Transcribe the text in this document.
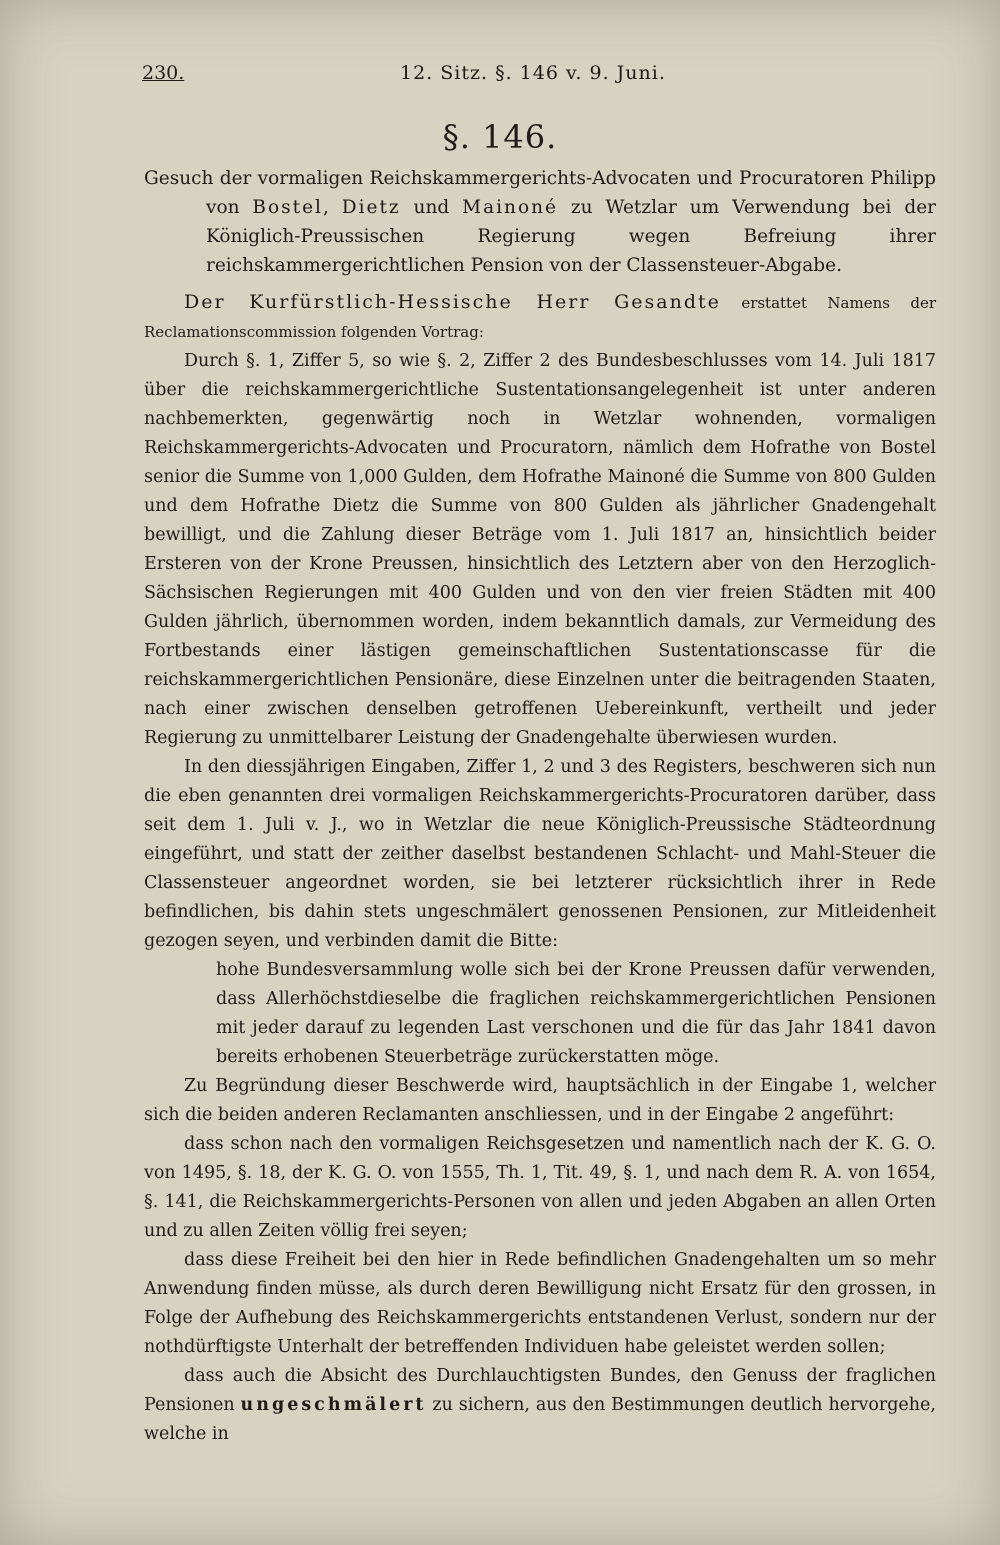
230.	12. Sitz. §. 146 v. 9. Juni.
§. 146.

Gesuch der vormaligen Reichskammergerichts-Advocaten und Procuratoren Philipp von Bostel, Dietz und Mainoné zu Wetzlar um Verwendung bei der Königlich-Preussischen Regierung wegen Befreiung ihrer reichskammergerichtlichen Pension von der Classensteuer-Abgabe.

Der Kurfürstlich-Hessische Herr Gesandte erstattet Namens der Reclamationscommission folgenden Vortrag:

Durch §. 1, Ziffer 5, so wie §. 2, Ziffer 2 des Bundesbeschlusses vom 14. Juli 1817 über die reichskammergerichtliche Sustentationsangelegenheit ist unter anderen nachbemerkten, gegenwärtig noch in Wetzlar wohnenden, vormaligen Reichskammergerichts-Advocaten und Procuratorn, nämlich dem Hofrathe von Bostel senior die Summe von 1,000 Gulden, dem Hofrathe Mainoné die Summe von 800 Gulden und dem Hofrathe Dietz die Summe von 800 Gulden als jährlicher Gnadengehalt bewilligt, und die Zahlung dieser Beträge vom 1. Juli 1817 an, hinsichtlich beider Ersteren von der Krone Preussen, hinsichtlich des Letztern aber von den Herzoglich-Sächsischen Regierungen mit 400 Gulden und von den vier freien Städten mit 400 Gulden jährlich, übernommen worden, indem bekanntlich damals, zur Vermeidung des Fortbestands einer lästigen gemeinschaftlichen Sustentationscasse für die reichskammergerichtlichen Pensionäre, diese Einzelnen unter die beitragenden Staaten, nach einer zwischen denselben getroffenen Uebereinkunft, vertheilt und jeder Regierung zu unmittelbarer Leistung der Gnadengehalte überwiesen wurden.

In den diessjährigen Eingaben, Ziffer 1, 2 und 3 des Registers, beschweren sich nun die eben genannten drei vormaligen Reichskammergerichts-Procuratoren darüber, dass seit dem 1. Juli v. J., wo in Wetzlar die neue Königlich-Preussische Städteordnung eingeführt, und statt der zeither daselbst bestandenen Schlacht- und Mahl-Steuer die Classensteuer angeordnet worden, sie bei letzterer rücksichtlich ihrer in Rede befindlichen, bis dahin stets ungeschmälert genossenen Pensionen, zur Mitleidenheit gezogen seyen, und verbinden damit die Bitte:

hohe Bundesversammlung wolle sich bei der Krone Preussen dafür verwenden, dass Allerhöchstdieselbe die fraglichen reichskammergerichtlichen Pensionen mit jeder darauf zu legenden Last verschonen und die für das Jahr 1841 davon bereits erhobenen Steuerbeträge zurückerstatten möge.

Zu Begründung dieser Beschwerde wird, hauptsächlich in der Eingabe 1, welcher sich die beiden anderen Reclamanten anschliessen, und in der Eingabe 2 angeführt:

dass schon nach den vormaligen Reichsgesetzen und namentlich nach der K. G. O. von 1495, §. 18, der K. G. O. von 1555, Th. 1, Tit. 49, §. 1, und nach dem R. A. von 1654, §. 141, die Reichskammergerichts-Personen von allen und jeden Abgaben an allen Orten und zu allen Zeiten völlig frei seyen;

dass diese Freiheit bei den hier in Rede befindlichen Gnadengehalten um so mehr Anwendung finden müsse, als durch deren Bewilligung nicht Ersatz für den grossen, in Folge der Aufhebung des Reichskammergerichts entstandenen Verlust, sondern nur der nothdürftigste Unterhalt der betreffenden Individuen habe geleistet werden sollen;

dass auch die Absicht des Durchlauchtigsten Bundes, den Genuss der fraglichen Pensionen ungeschmälert zu sichern, aus den Bestimmungen deutlich hervorgehe, welche in
